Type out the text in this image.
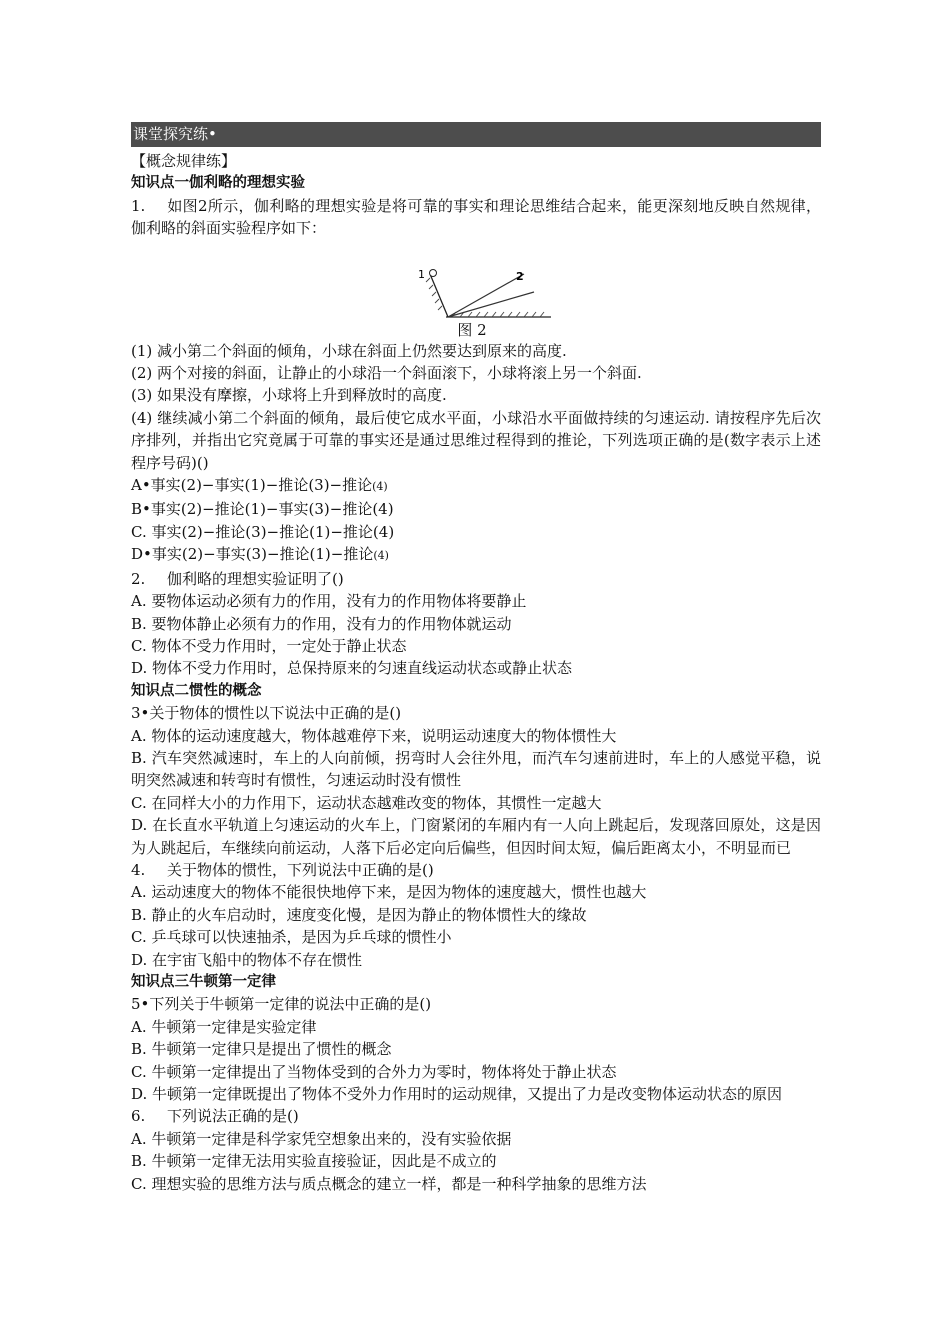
课堂探究练•
【概念规律练】
知识点一伽利略的理想实验
1. 如图2所示，伽利略的理想实验是将可靠的事实和理论思维结合起来，能更深刻地反映自然规律，伽利略的斜面实验程序如下：
1	2
图 2
(1) 减小第二个斜面的倾角，小球在斜面上仍然要达到原来的高度.
(2) 两个对接的斜面，让静止的小球沿一个斜面滚下，小球将滚上另一个斜面.
(3) 如果没有摩擦，小球将上升到释放时的高度.
(4) 继续减小第二个斜面的倾角，最后使它成水平面，小球沿水平面做持续的匀速运动. 请按程序先后次序排列，并指出它究竟属于可靠的事实还是通过思维过程得到的推论，下列选项正确的是(数字表示上述程序号码)()
A•事实(2)−事实(1)−推论(3)−推论(4)
B•事实(2)−推论(1)−事实(3)−推论(4)
C. 事实(2)−推论(3)−推论(1)−推论(4)
D•事实(2)−事实(3)−推论(1)−推论(4)
2. 伽利略的理想实验证明了()
A. 要物体运动必须有力的作用，没有力的作用物体将要静止
B. 要物体静止必须有力的作用，没有力的作用物体就运动
C. 物体不受力作用时，一定处于静止状态
D. 物体不受力作用时，总保持原来的匀速直线运动状态或静止状态
知识点二惯性的概念
3•关于物体的惯性以下说法中正确的是()
A. 物体的运动速度越大，物体越难停下来，说明运动速度大的物体惯性大
B. 汽车突然减速时，车上的人向前倾，拐弯时人会往外甩，而汽车匀速前进时，车上的人感觉平稳，说明突然减速和转弯时有惯性，匀速运动时没有惯性
C. 在同样大小的力作用下，运动状态越难改变的物体，其惯性一定越大
D. 在长直水平轨道上匀速运动的火车上，门窗紧闭的车厢内有一人向上跳起后，发现落回原处，这是因为人跳起后，车继续向前运动，人落下后必定向后偏些，但因时间太短，偏后距离太小，不明显而已
4. 关于物体的惯性，下列说法中正确的是()
A. 运动速度大的物体不能很快地停下来，是因为物体的速度越大，惯性也越大
B. 静止的火车启动时，速度变化慢，是因为静止的物体惯性大的缘故
C. 乒乓球可以快速抽杀，是因为乒乓球的惯性小
D. 在宇宙飞船中的物体不存在惯性
知识点三牛顿第一定律
5•下列关于牛顿第一定律的说法中正确的是()
A. 牛顿第一定律是实验定律
B. 牛顿第一定律只是提出了惯性的概念
C. 牛顿第一定律提出了当物体受到的合外力为零时，物体将处于静止状态
D. 牛顿第一定律既提出了物体不受外力作用时的运动规律，又提出了力是改变物体运动状态的原因
6. 下列说法正确的是()
A. 牛顿第一定律是科学家凭空想象出来的，没有实验依据
B. 牛顿第一定律无法用实验直接验证，因此是不成立的
C. 理想实验的思维方法与质点概念的建立一样，都是一种科学抽象的思维方法
